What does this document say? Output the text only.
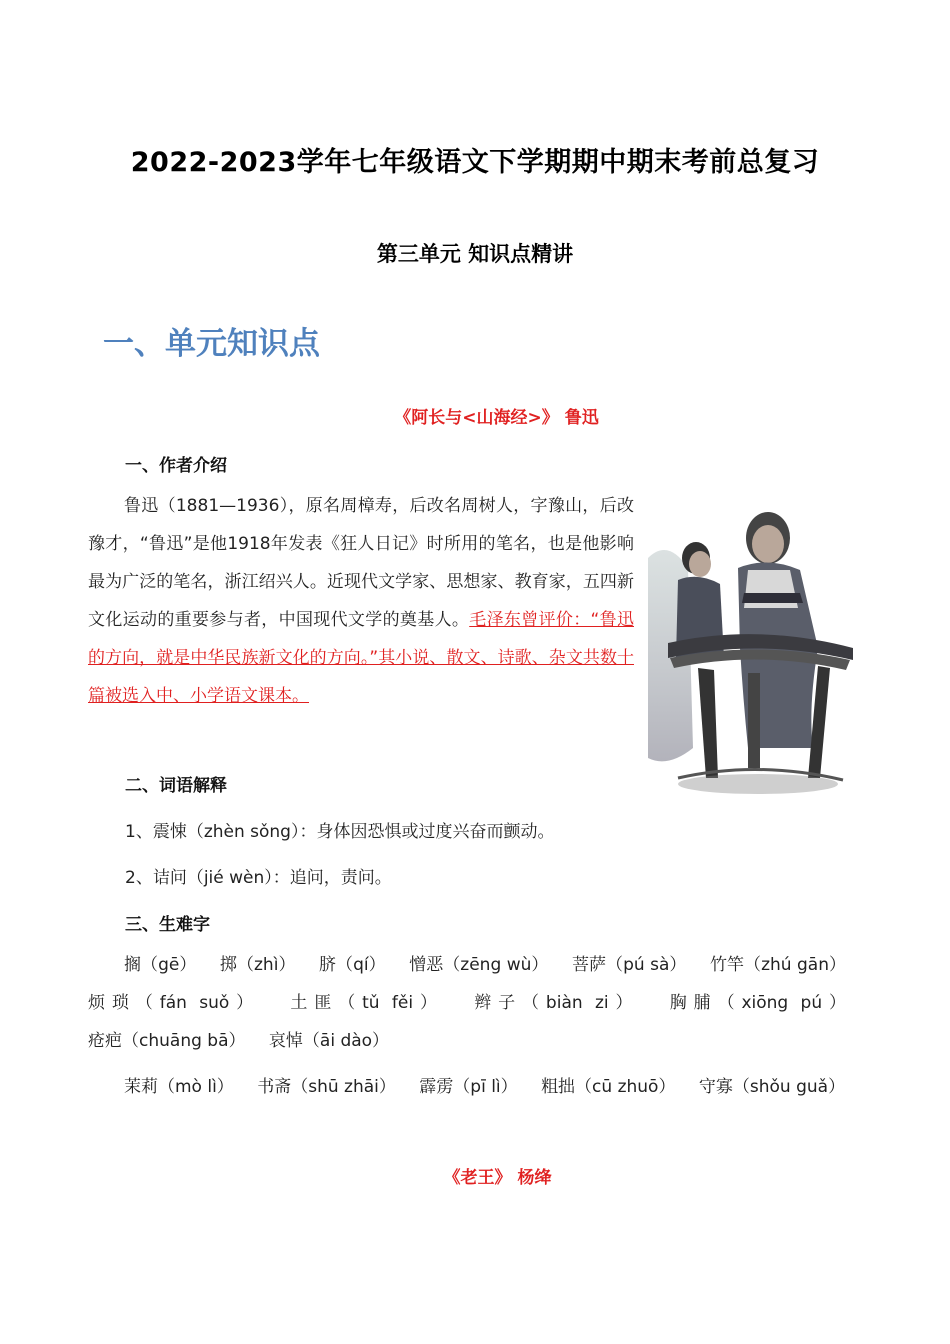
2022-2023学年七年级语文下学期期中期末考前总复习
第三单元 知识点精讲
一、单元知识点
《阿长与<山海经>》 鲁迅
一、作者介绍
鲁迅（1881—1936），原名周樟寿，后改名周树人，字豫山，后改豫才，“鲁迅”是他1918年发表《狂人日记》时所用的笔名，也是他影响最为广泛的笔名，浙江绍兴人。近现代文学家、思想家、教育家，五四新文化运动的重要参与者，中国现代文学的奠基人。毛泽东曾评价：“鲁迅的方向，就是中华民族新文化的方向。”其小说、散文、诗歌、杂文共数十篇被选入中、小学语文课本。
二、词语解释
1、震悚（zhèn sǒng）：身体因恐惧或过度兴奋而颤动。
2、诘问（jié wèn）：追问，责问。
三、生难字
搁（gē） 掷（zhì） 脐（qí） 憎恶（zēng wù） 菩萨（pú sà） 竹竿（zhú gān） 烦琐（fán suǒ） 土匪（tǔ fěi） 辫子（biàn zi） 胸脯（xiōng pú） 疮疤（chuāng bā） 哀悼（āi dào）
茉莉（mò lì） 书斋（shū zhāi） 霹雳（pī lì） 粗拙（cū zhuō） 守寡（shǒu guǎ）
《老王》 杨绛
